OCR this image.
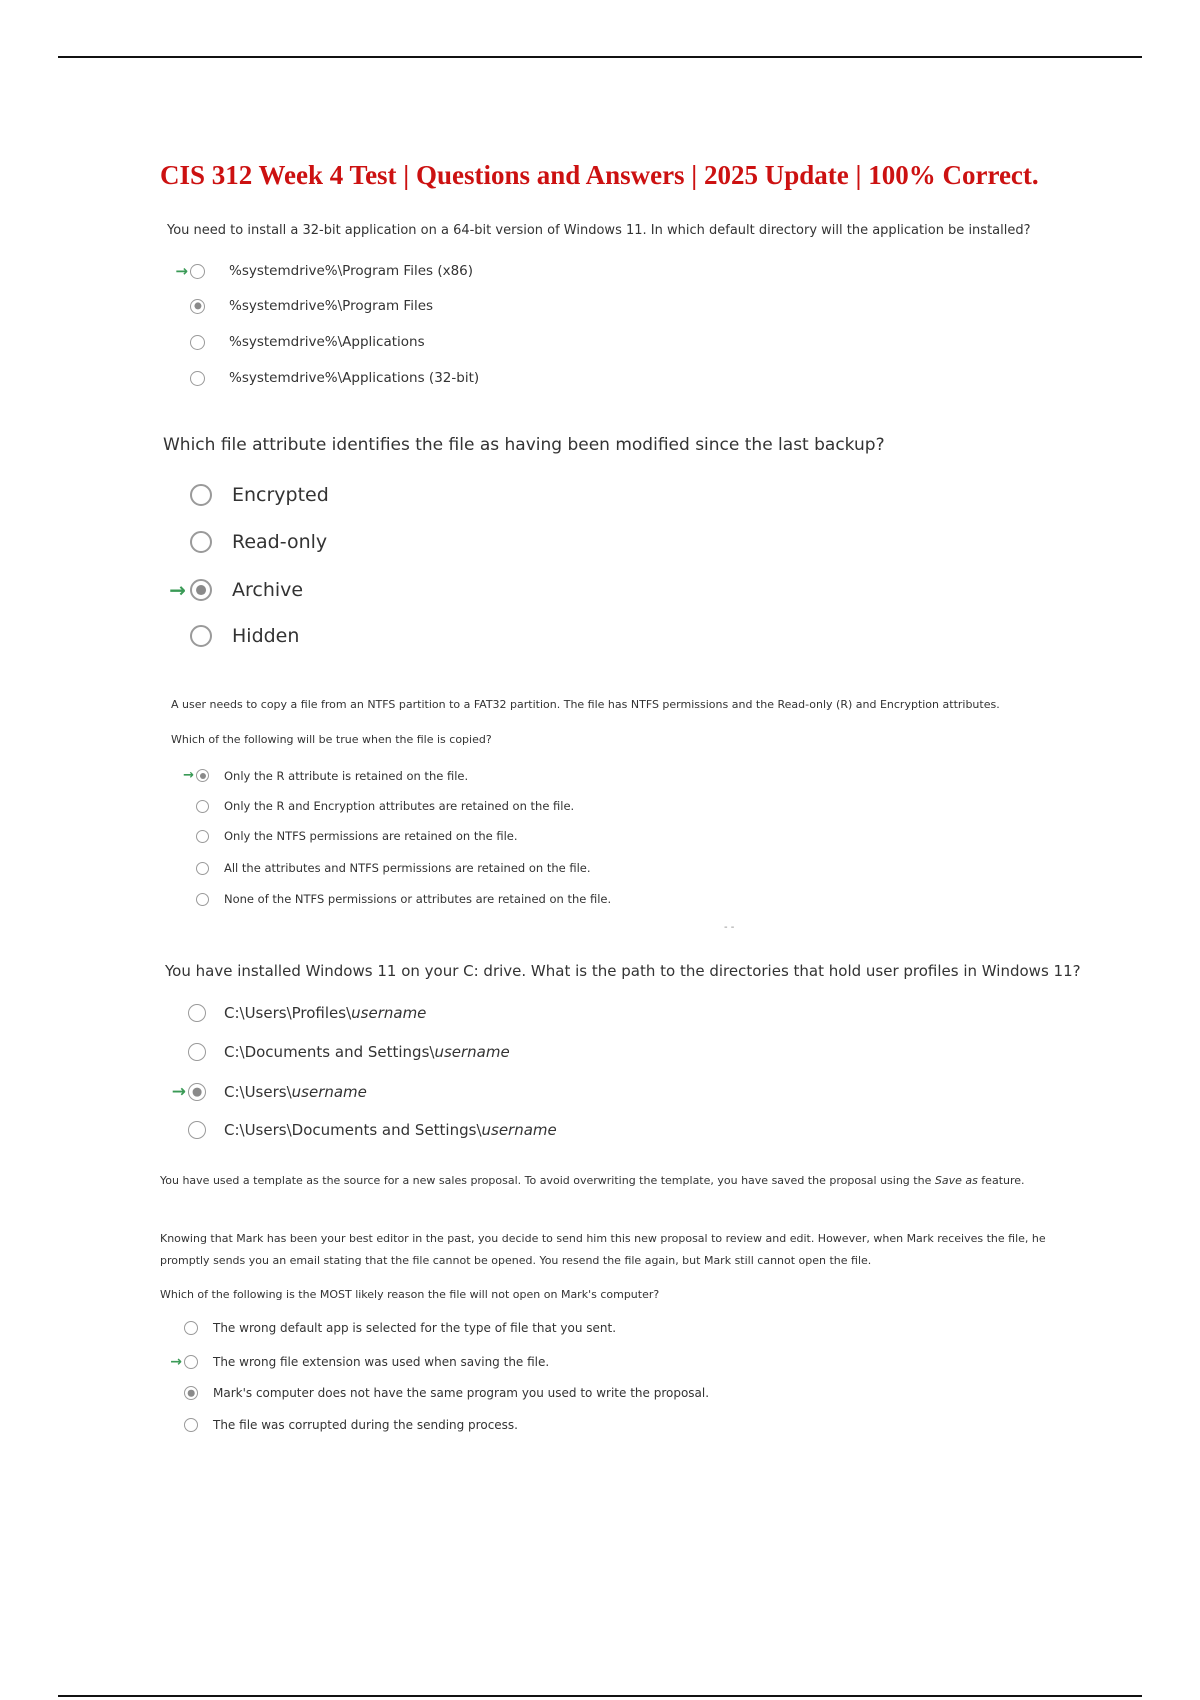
CIS 312 Week 4 Test | Questions and Answers | 2025 Update | 100% Correct.

You need to install a 32-bit application on a 64-bit version of Windows 11. In which default directory will the application be installed?

→	%systemdrive%\Program Files (x86)
%systemdrive%\Program Files
%systemdrive%\Applications
%systemdrive%\Applications (32-bit)

Which file attribute identifies the file as having been modified since the last backup?

Encrypted
Read-only
→ Archive
Hidden

A user needs to copy a file from an NTFS partition to a FAT32 partition. The file has NTFS permissions and the Read-only (R) and Encryption attributes.

Which of the following will be true when the file is copied?

→	Only the R attribute is retained on the file.
Only the R and Encryption attributes are retained on the file.
Only the NTFS permissions are retained on the file.
All the attributes and NTFS permissions are retained on the file.
None of the NTFS permissions or attributes are retained on the file.
- -

You have installed Windows 11 on your C: drive. What is the path to the directories that hold user profiles in Windows 11?

C:\Users\Profiles\username
C:\Documents and Settings\username
→	C:\Users\username
C:\Users\Documents and Settings\username

You have used a template as the source for a new sales proposal. To avoid overwriting the template, you have saved the proposal using the Save as feature.

Knowing that Mark has been your best editor in the past, you decide to send him this new proposal to review and edit. However, when Mark receives the file, he promptly sends you an email stating that the file cannot be opened. You resend the file again, but Mark still cannot open the file.

Which of the following is the MOST likely reason the file will not open on Mark's computer?

The wrong default app is selected for the type of file that you sent.
→	The wrong file extension was used when saving the file.
Mark's computer does not have the same program you used to write the proposal.
The file was corrupted during the sending process.
